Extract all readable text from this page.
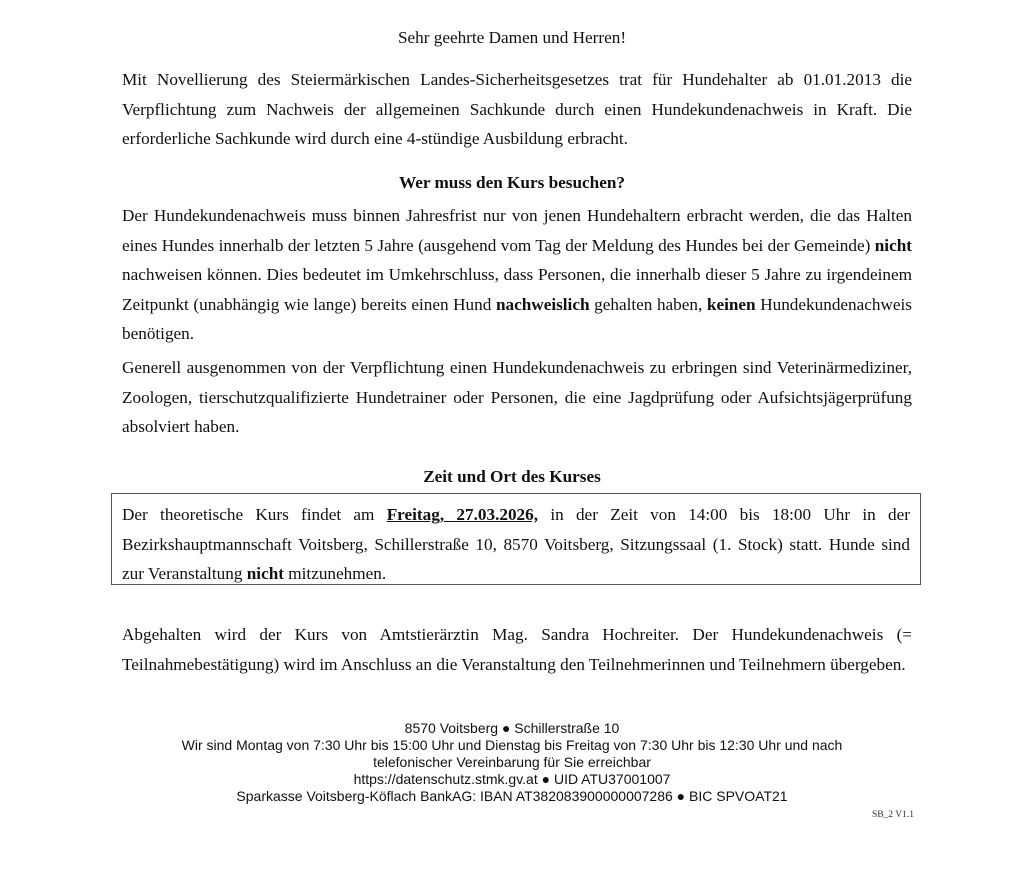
Sehr geehrte Damen und Herren!

Mit Novellierung des Steiermärkischen Landes-Sicherheitsgesetzes trat für Hundehalter ab 01.01.2013 die Verpflichtung zum Nachweis der allgemeinen Sachkunde durch einen Hundekundenachweis in Kraft. Die erforderliche Sachkunde wird durch eine 4-stündige Ausbildung erbracht.

Wer muss den Kurs besuchen?

Der Hundekundenachweis muss binnen Jahresfrist nur von jenen Hundehaltern erbracht werden, die das Halten eines Hundes innerhalb der letzten 5 Jahre (ausgehend vom Tag der Meldung des Hundes bei der Gemeinde) nicht nachweisen können. Dies bedeutet im Umkehrschluss, dass Personen, die innerhalb dieser 5 Jahre zu irgendeinem Zeitpunkt (unabhängig wie lange) bereits einen Hund nachweislich gehalten haben, keinen Hundekundenachweis benötigen.

Generell ausgenommen von der Verpflichtung einen Hundekundenachweis zu erbringen sind Veterinärmediziner, Zoologen, tierschutzqualifizierte Hundetrainer oder Personen, die eine Jagdprüfung oder Aufsichtsjägerprüfung absolviert haben.

Zeit und Ort des Kurses
Der theoretische Kurs findet am Freitag, 27.03.2026, in der Zeit von 14:00 bis 18:00 Uhr in der Bezirkshauptmannschaft Voitsberg, Schillerstraße 10, 8570 Voitsberg, Sitzungssaal (1. Stock) statt. Hunde sind zur Veranstaltung nicht mitzunehmen.

Abgehalten wird der Kurs von Amtstierärztin Mag. Sandra Hochreiter. Der Hundekundenachweis (= Teilnahmebestätigung) wird im Anschluss an die Veranstaltung den Teilnehmerinnen und Teilnehmern übergeben.

8570 Voitsberg ● Schillerstraße 10
Wir sind Montag von 7:30 Uhr bis 15:00 Uhr und Dienstag bis Freitag von 7:30 Uhr bis 12:30 Uhr und nach
telefonischer Vereinbarung für Sie erreichbar
https://datenschutz.stmk.gv.at ● UID ATU37001007
Sparkasse Voitsberg-Köflach BankAG: IBAN AT382083900000007286 ● BIC SPVOAT21
SB_2 V1.1
